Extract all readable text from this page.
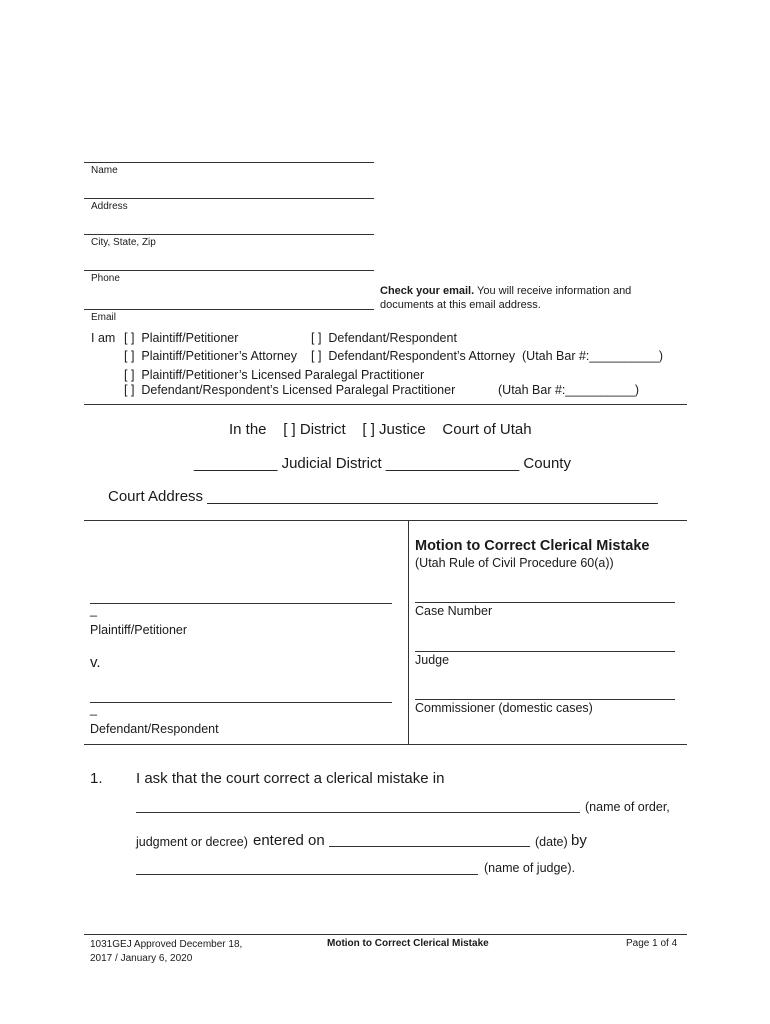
Name
Address
City, State, Zip
Phone
Check your email. You will receive information and
documents at this email address.
Email
I am [ ]  Plaintiff/Petitioner	[ ]  Defendant/Respondent
[ ]  Plaintiff/Petitioner’s Attorney [ ]  Defendant/Respondent’s Attorney  (Utah Bar #:__________)
[ ]  Plaintiff/Petitioner’s Licensed Paralegal Practitioner
[ ]  Defendant/Respondent’s Licensed Paralegal Practitioner	(Utah Bar #:__________)
In the    [ ] District    [ ] Justice    Court of Utah
__________ Judicial District ________________ County
Court Address ______________________________________________________
Motion to Correct Clerical Mistake
(Utah Rule of Civil Procedure 60(a))
_
Plaintiff/Petitioner
v.
_
Defendant/Respondent
Case Number
Judge
Commissioner (domestic cases)
1. I ask that the court correct a clerical mistake in
(name of order,
judgment or decree) entered on	(date) by
(name of judge).
1031GEJ Approved December 18,
2017 / January 6, 2020
Motion to Correct Clerical Mistake	Page 1 of 4
